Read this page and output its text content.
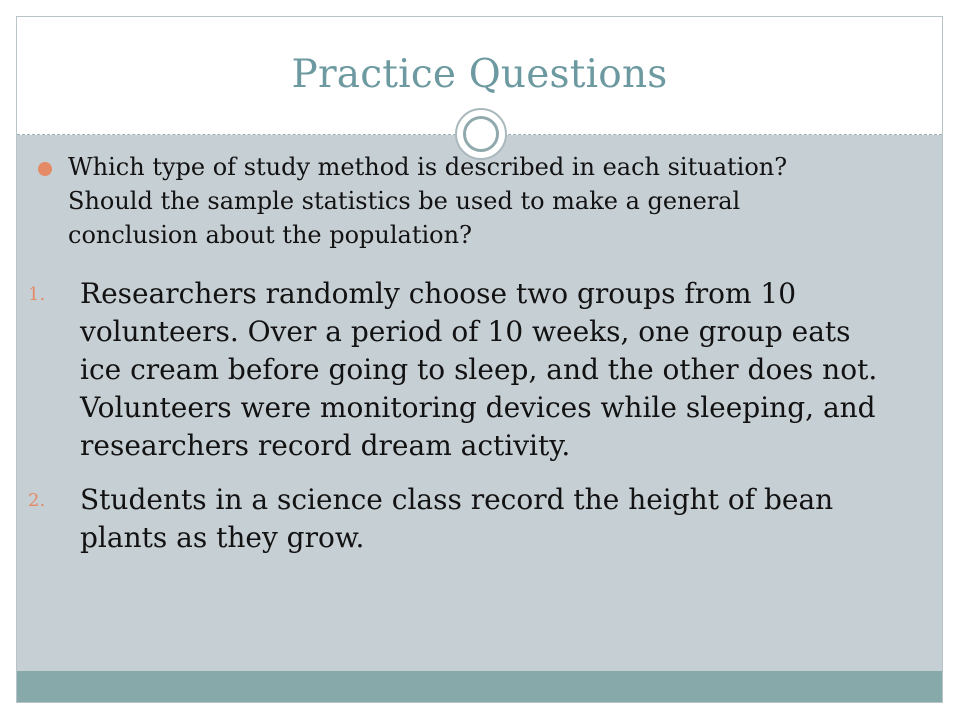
Practice Questions
Which type of study method is described in each situation? Should the sample statistics be used to make a general conclusion about the population?
1.	Researchers randomly choose two groups from 10 volunteers. Over a period of 10 weeks, one group eats ice cream before going to sleep, and the other does not. Volunteers were monitoring devices while sleeping, and researchers record dream activity.
2.	Students in a science class record the height of bean plants as they grow.
